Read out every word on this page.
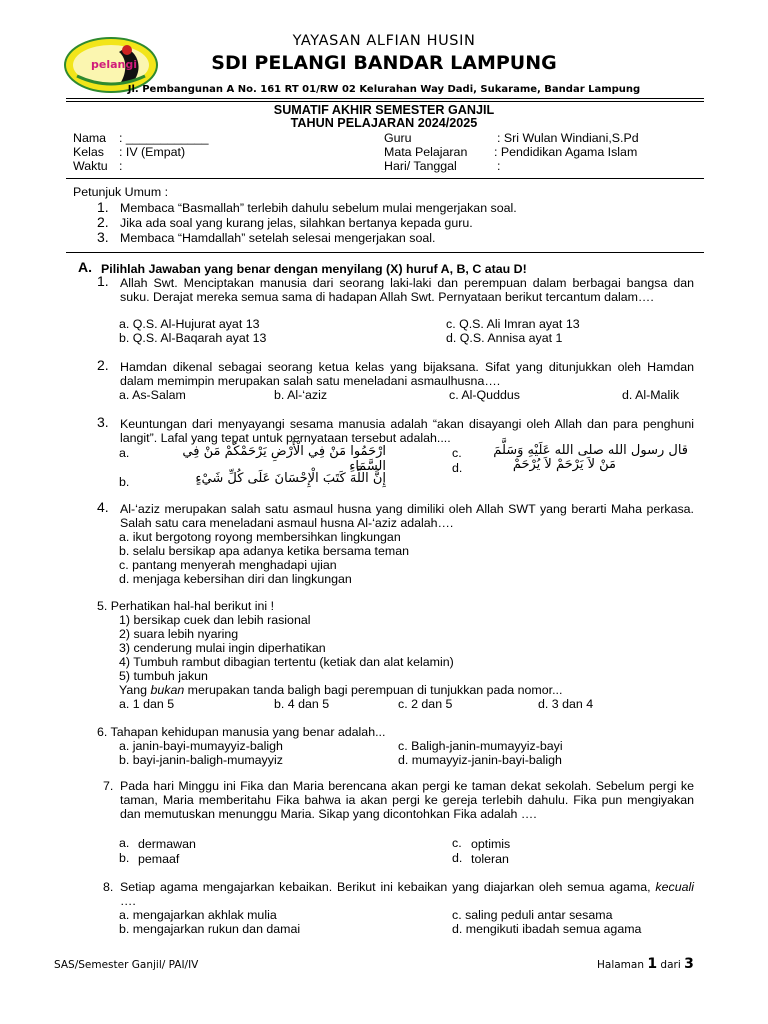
pelangi
YAYASAN ALFIAN HUSIN
SDI PELANGI BANDAR LAMPUNG
Jl. Pembangunan A No. 161 RT 01/RW 02 Kelurahan Way Dadi, Sukarame, Bandar Lampung
SUMATIF AKHIR SEMESTER GANJIL
TAHUN PELAJARAN 2024/2025
Nama : ____________
Kelas : IV (Empat)
Waktu :
Guru	: Sri Wulan Windiani,S.Pd
Mata Pelajaran : Pendidikan Agama Islam
Hari/ Tanggal	:
Petunjuk Umum :
1. Membaca “Basmallah” terlebih dahulu sebelum mulai mengerjakan soal.
2. Jika ada soal yang kurang jelas, silahkan bertanya kepada guru.
3. Membaca “Hamdallah” setelah selesai mengerjakan soal.
A. Pilihlah Jawaban yang benar dengan menyilang (X) huruf A, B, C atau D!
1. Allah Swt. Menciptakan manusia dari seorang laki-laki dan perempuan dalam berbagai bangsa dan suku. Derajat mereka semua sama di hadapan Allah Swt. Pernyataan berikut tercantum dalam….
a. Q.S. Al-Hujurat ayat 13
b. Q.S. Al-Baqarah ayat 13
c. Q.S. Ali Imran ayat 13
d. Q.S. Annisa ayat 1
2. Hamdan dikenal sebagai seorang ketua kelas yang bijaksana. Sifat yang ditunjukkan oleh Hamdan dalam memimpin merupakan salah satu meneladani asmaulhusna….
a. As-Salam	b. Al-‘aziz	c. Al-Quddus	d. Al-Malik
3. Keuntungan dari menyayangi sesama manusia adalah “akan disayangi oleh Allah dan para penghuni langit”. Lafal yang tepat untuk pernyataan tersebut adalah....
a.	ارْحَمُوا مَنْ فِي الْأَرْضِ يَرْحَمْكُمْ مَنْ فِي السَّمَاءِ
b.	إِنَّ اللَّهَ كَتَبَ الْإِحْسَانَ عَلَى كُلِّ شَيْءٍ
c.	قال رسول الله صلى الله عَلَيْهِ وَسَلَّمَ
d.	مَنْ لاَ يَرْحَمْ لاَ يُرْحَمْ
4. Al-‘aziz merupakan salah satu asmaul husna yang dimiliki oleh Allah SWT yang berarti Maha perkasa. Salah satu cara meneladani asmaul husna Al-‘aziz adalah….
a. ikut bergotong royong membersihkan lingkungan
b. selalu bersikap apa adanya ketika bersama teman
c. pantang menyerah menghadapi ujian
d. menjaga kebersihan diri dan lingkungan
5. Perhatikan hal-hal berikut ini !
1) bersikap cuek dan lebih rasional
2) suara lebih nyaring
3) cenderung mulai ingin diperhatikan
4) Tumbuh rambut dibagian tertentu (ketiak dan alat kelamin)
5) tumbuh jakun
Yang bukan merupakan tanda baligh bagi perempuan di tunjukkan pada nomor...
a. 1 dan 5	b. 4 dan 5	c. 2 dan 5	d. 3 dan 4
6. Tahapan kehidupan manusia yang benar adalah...
a. janin-bayi-mumayyiz-baligh
b. bayi-janin-baligh-mumayyiz
c. Baligh-janin-mumayyiz-bayi
d. mumayyiz-janin-bayi-baligh
7. Pada hari Minggu ini Fika dan Maria berencana akan pergi ke taman dekat sekolah. Sebelum pergi ke taman, Maria memberitahu Fika bahwa ia akan pergi ke gereja terlebih dahulu. Fika pun mengiyakan dan memutuskan menunggu Maria. Sikap yang dicontohkan Fika adalah ….
a. dermawan
b. pemaaf
c. optimis
d. toleran
8. Setiap agama mengajarkan kebaikan. Berikut ini kebaikan yang diajarkan oleh semua agama, kecuali ….
a. mengajarkan akhlak mulia
b. mengajarkan rukun dan damai
c. saling peduli antar sesama
d. mengikuti ibadah semua agama
SAS/Semester Ganjil/ PAI/IV	Halaman 1 dari 3
